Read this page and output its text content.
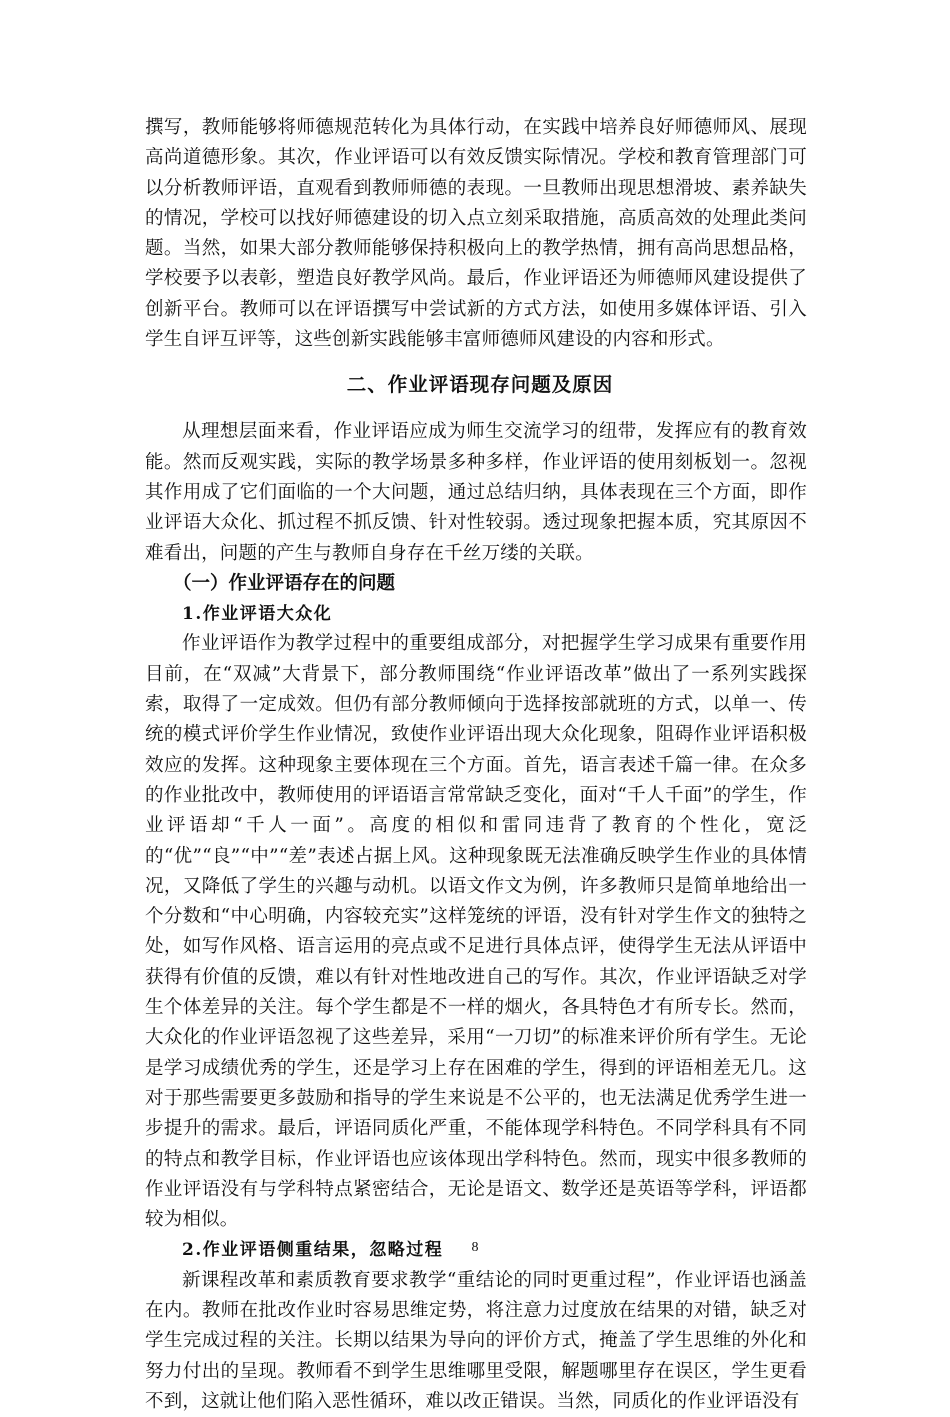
撰写，教师能够将师德规范转化为具体行动，在实践中培养良好师德师风、展现高尚道德形象。其次，作业评语可以有效反馈实际情况。学校和教育管理部门可以分析教师评语，直观看到教师师德的表现。一旦教师出现思想滑坡、素养缺失的情况，学校可以找好师德建设的切入点立刻采取措施，高质高效的处理此类问题。当然，如果大部分教师能够保持积极向上的教学热情，拥有高尚思想品格，学校要予以表彰，塑造良好教学风尚。最后，作业评语还为师德师风建设提供了创新平台。教师可以在评语撰写中尝试新的方式方法，如使用多媒体评语、引入学生自评互评等，这些创新实践能够丰富师德师风建设的内容和形式。

二、作业评语现存问题及原因

从理想层面来看，作业评语应成为师生交流学习的纽带，发挥应有的教育效能。然而反观实践，实际的教学场景多种多样，作业评语的使用刻板划一。忽视其作用成了它们面临的一个大问题，通过总结归纳，具体表现在三个方面，即作业评语大众化、抓过程不抓反馈、针对性较弱。透过现象把握本质，究其原因不难看出，问题的产生与教师自身存在千丝万缕的关联。

（一）作业评语存在的问题
1.作业评语大众化

作业评语作为教学过程中的重要组成部分，对把握学生学习成果有重要作用目前，在“双减”大背景下，部分教师围绕“作业评语改革”做出了一系列实践探索，取得了一定成效。但仍有部分教师倾向于选择按部就班的方式，以单一、传统的模式评价学生作业情况，致使作业评语出现大众化现象，阻碍作业评语积极效应的发挥。这种现象主要体现在三个方面。首先，语言表述千篇一律。在众多的作业批改中，教师使用的评语语言常常缺乏变化，面对“千人千面”的学生，作业评语却“千人一面”。高度的相似和雷同违背了教育的个性化，宽泛的“优”“良”“中”“差”表述占据上风。这种现象既无法准确反映学生作业的具体情况，又降低了学生的兴趣与动机。以语文作文为例，许多教师只是简单地给出一个分数和“中心明确，内容较充实”这样笼统的评语，没有针对学生作文的独特之处，如写作风格、语言运用的亮点或不足进行具体点评，使得学生无法从评语中获得有价值的反馈，难以有针对性地改进自己的写作。其次，作业评语缺乏对学生个体差异的关注。每个学生都是不一样的烟火，各具特色才有所专长。然而，大众化的作业评语忽视了这些差异，采用“一刀切”的标准来评价所有学生。无论是学习成绩优秀的学生，还是学习上存在困难的学生，得到的评语相差无几。这对于那些需要更多鼓励和指导的学生来说是不公平的，也无法满足优秀学生进一步提升的需求。最后，评语同质化严重，不能体现学科特色。不同学科具有不同的特点和教学目标，作业评语也应该体现出学科特色。然而，现实中很多教师的作业评语没有与学科特点紧密结合，无论是语文、数学还是英语等学科，评语都较为相似。

2.作业评语侧重结果，忽略过程

新课程改革和素质教育要求教学“重结论的同时更重过程”，作业评语也涵盖在内。教师在批改作业时容易思维定势，将注意力过度放在结果的对错，缺乏对学生完成过程的关注。长期以结果为导向的评价方式，掩盖了学生思维的外化和努力付出的呈现。教师看不到学生思维哪里受限，解题哪里存在误区，学生更看不到，这就让他们陷入恶性循环，难以改正错误。当然，同质化的作业评语没有

8
